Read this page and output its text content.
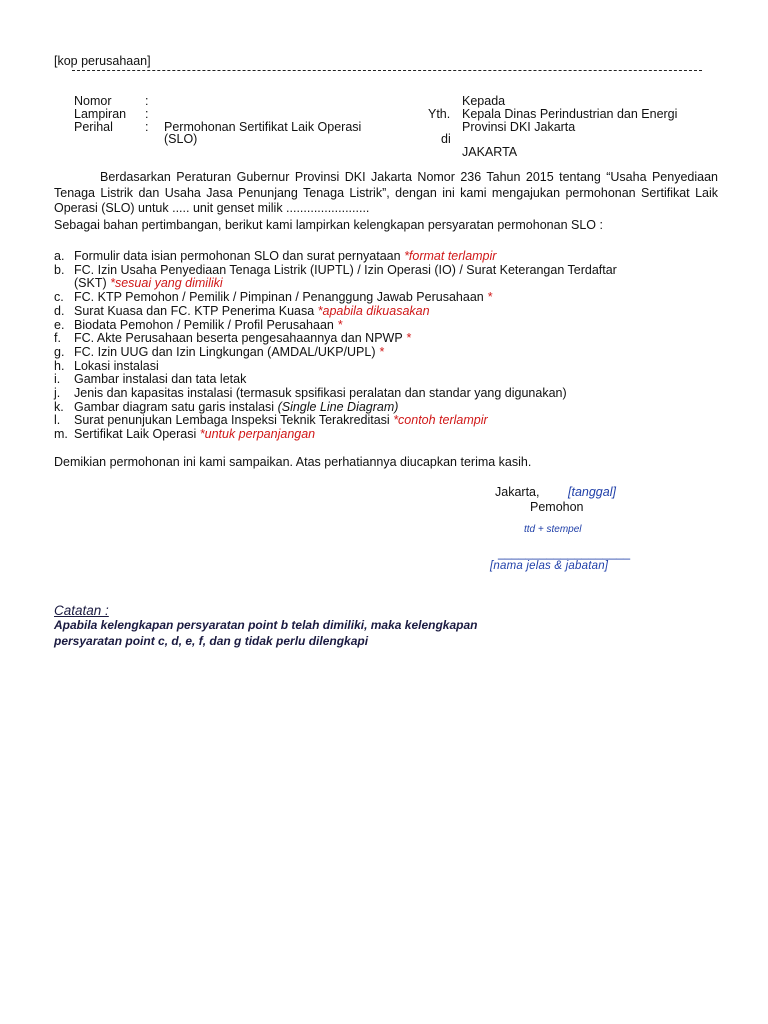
[kop perusahaan]
Nomor	:
Lampiran :
Perihal	: Permohonan Sertifikat Laik Operasi
(SLO)
Yth.
di
Kepada
Kepala Dinas Perindustrian dan Energi
Provinsi DKI Jakarta
JAKARTA
Berdasarkan Peraturan Gubernur Provinsi DKI Jakarta Nomor 236 Tahun 2015 tentang “Usaha Penyediaan Tenaga Listrik dan Usaha Jasa Penunjang Tenaga Listrik”, dengan ini kami mengajukan permohonan Sertifikat Laik Operasi (SLO) untuk ..... unit genset milik ........................
Sebagai bahan pertimbangan, berikut kami lampirkan kelengkapan persyaratan permohonan SLO :
a. Formulir data isian permohonan SLO dan surat pernyataan *format terlampir
b. FC. Izin Usaha Penyediaan Tenaga Listrik (IUPTL) / Izin Operasi (IO) / Surat Keterangan Terdaftar
(SKT) *sesuai yang dimiliki
c. FC. KTP Pemohon / Pemilik / Pimpinan / Penanggung Jawab Perusahaan *
d. Surat Kuasa dan FC. KTP Penerima Kuasa *apabila dikuasakan
e. Biodata Pemohon / Pemilik / Profil Perusahaan *
f. FC. Akte Perusahaan beserta pengesahaannya dan NPWP *
g. FC. Izin UUG dan Izin Lingkungan (AMDAL/UKP/UPL) *
h. Lokasi instalasi
i. Gambar instalasi dan tata letak
j. Jenis dan kapasitas instalasi (termasuk spsifikasi peralatan dan standar yang digunakan)
k. Gambar diagram satu garis instalasi (Single Line Diagram)
l. Surat penunjukan Lembaga Inspeksi Teknik Terakreditasi *contoh terlampir
m. Sertifikat Laik Operasi *untuk perpanjangan
Demikian permohonan ini kami sampaikan. Atas perhatiannya diucapkan terima kasih.
Jakarta, [tanggal]
Pemohon
ttd + stempel
___________________
[nama jelas & jabatan]
Catatan :
Apabila kelengkapan persyaratan point b telah dimiliki, maka kelengkapan
persyaratan point c, d, e, f, dan g tidak perlu dilengkapi
